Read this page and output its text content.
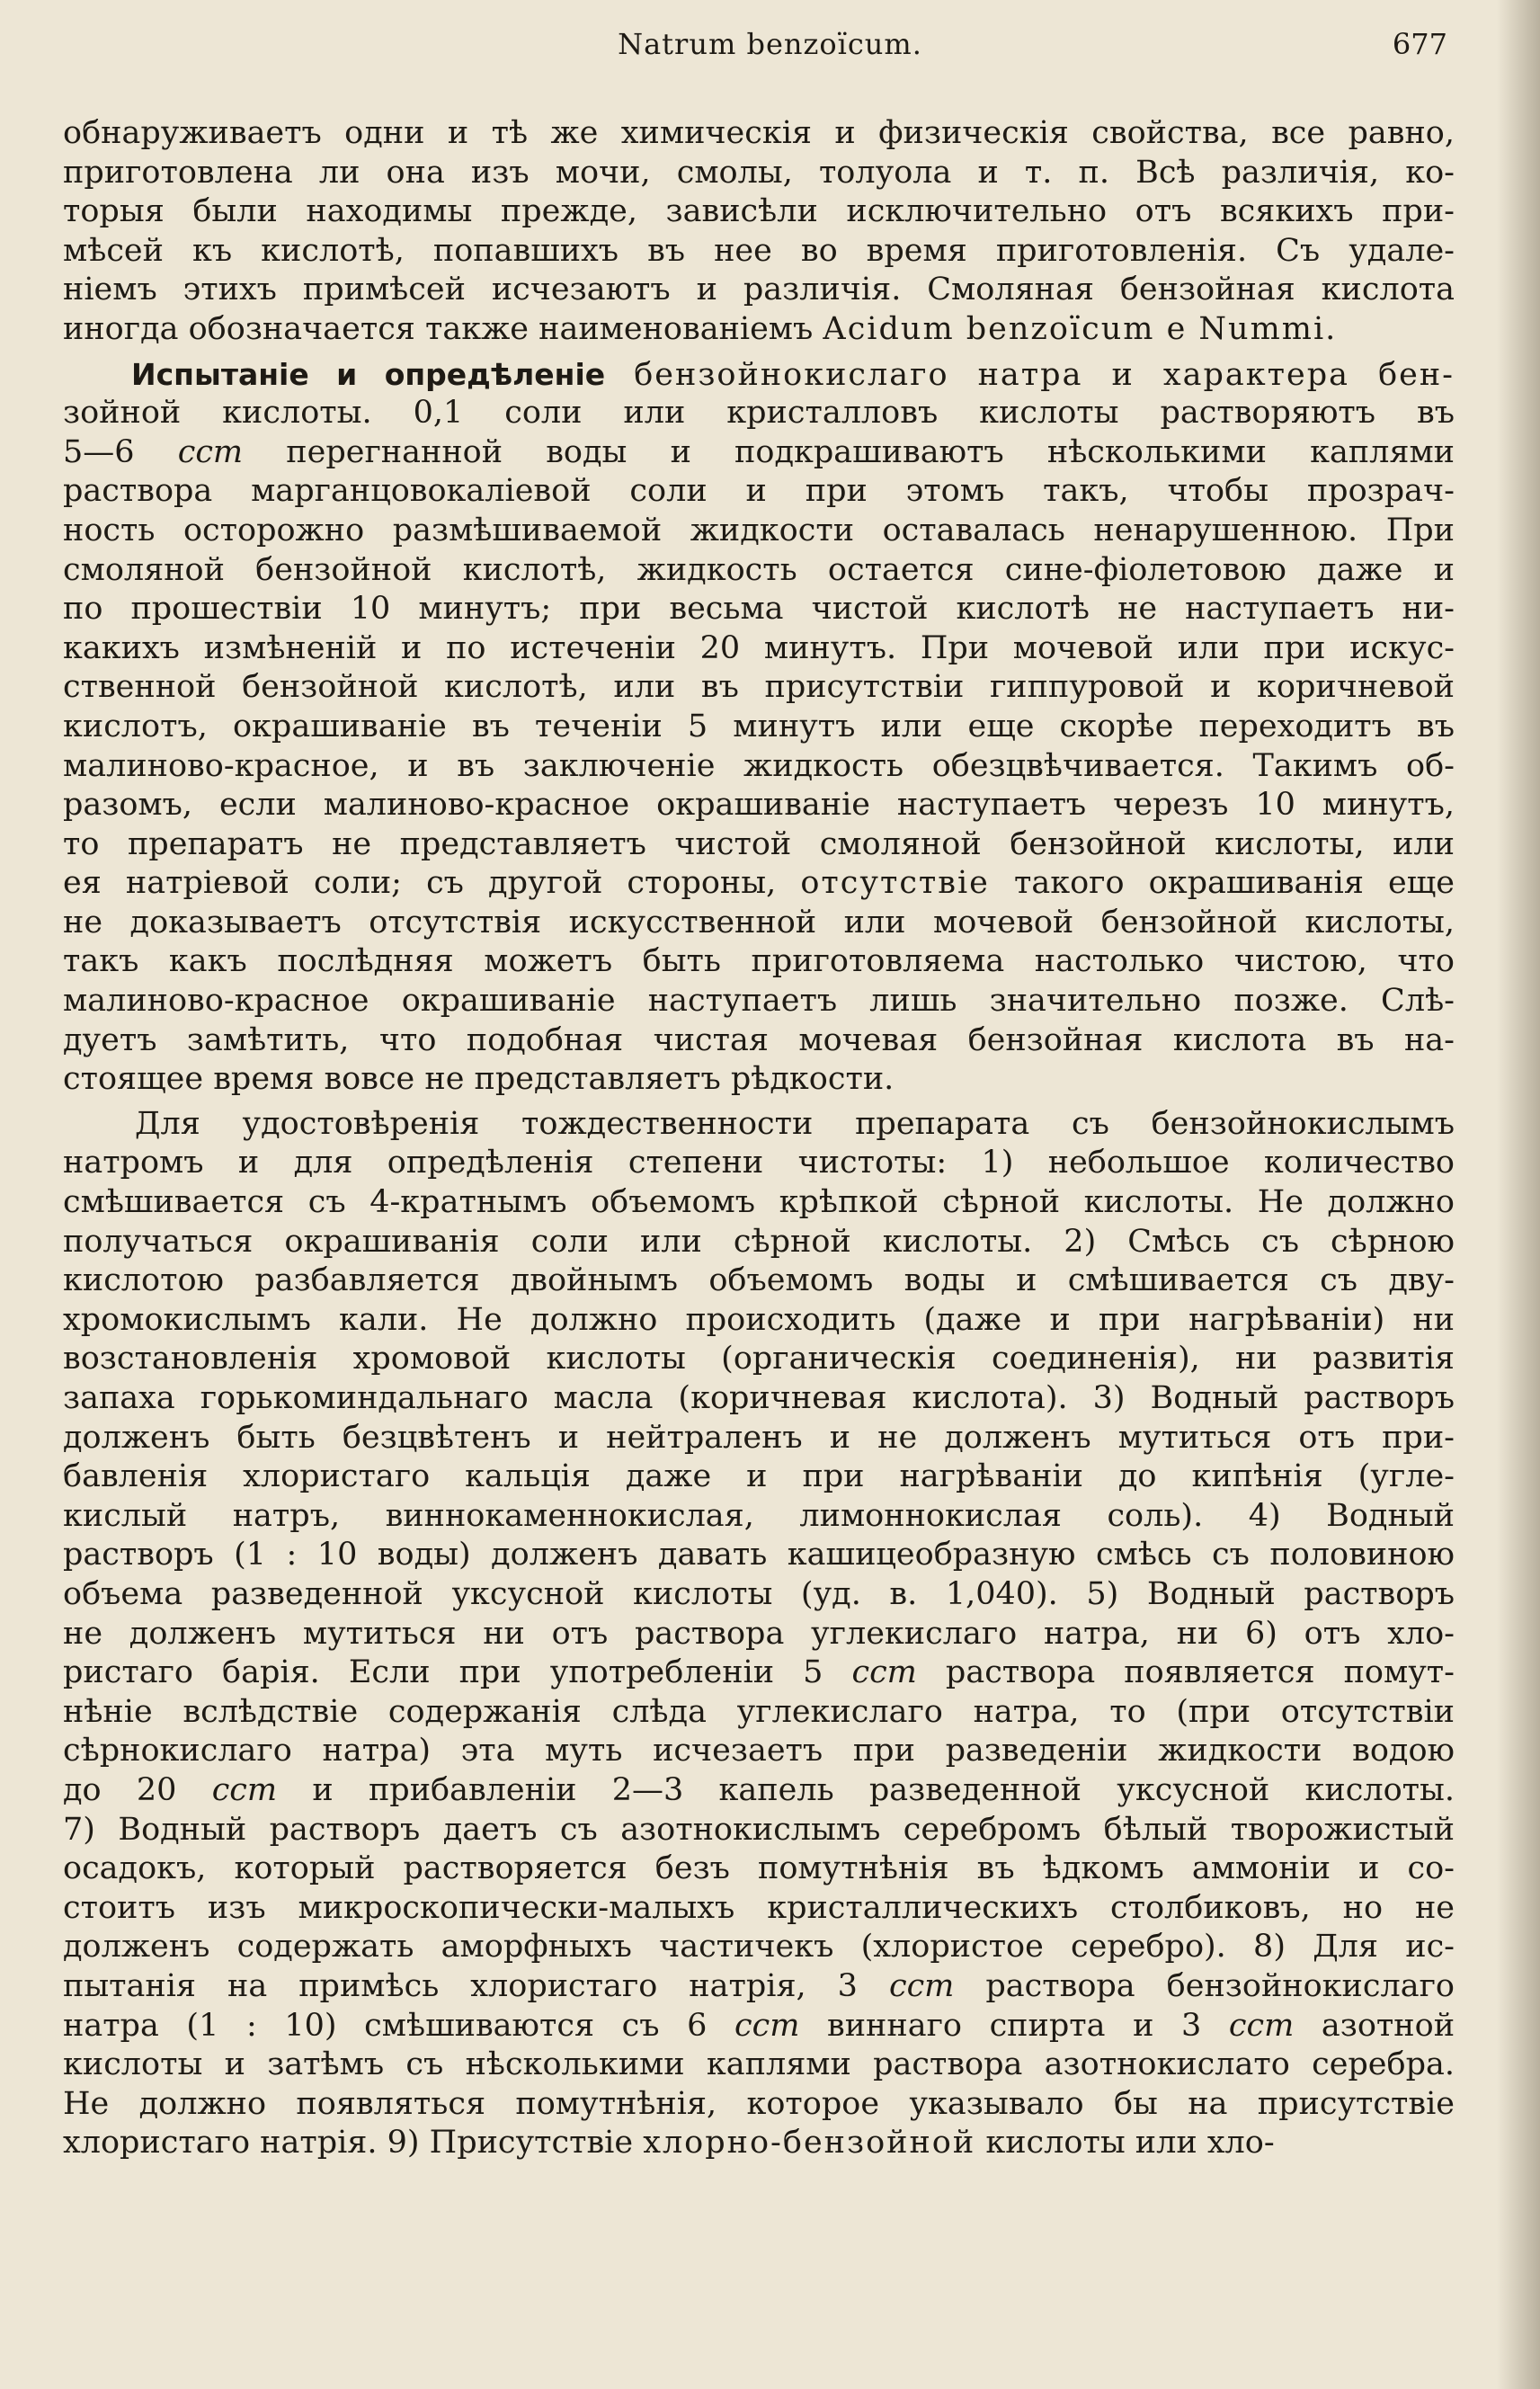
Natrum benzoïcum.	677
обнаруживаетъ одни и тѣ же химическія и физическія свойства, все равно,
приготовлена ли она изъ мочи, смолы, толуола и т. п. Всѣ различія, ко-
торыя были находимы прежде, зависѣли исключительно отъ всякихъ при-
мѣсей къ кислотѣ, попавшихъ въ нее во время приготовленія. Съ удале-
ніемъ этихъ примѣсей исчезаютъ и различія. Смоляная бензойная кислота
иногда обозначается также наименованіемъ Acidum benzoïcum e Nummi.
Испытаніе и опредѣленіе бензойнокислаго натра и характера бен-
зойной кислоты. 0,1 соли или кристалловъ кислоты растворяютъ въ
5—6 ccm перегнанной воды и подкрашиваютъ нѣсколькими каплями
раствора марганцовокаліевой соли и при этомъ такъ, чтобы прозрач-
ность осторожно размѣшиваемой жидкости оставалась ненарушенною. При
смоляной бензойной кислотѣ, жидкость остается сине-фіолетовою даже и
по прошествіи 10 минутъ; при весьма чистой кислотѣ не наступаетъ ни-
какихъ измѣненій и по истеченіи 20 минутъ. При мочевой или при искус-
ственной бензойной кислотѣ, или въ присутствіи гиппуровой и коричневой
кислотъ, окрашиваніе въ теченіи 5 минутъ или еще скорѣе переходитъ въ
малиново-красное, и въ заключеніе жидкость обезцвѣчивается. Такимъ об-
разомъ, если малиново-красное окрашиваніе наступаетъ черезъ 10 минутъ,
то препаратъ не представляетъ чистой смоляной бензойной кислоты, или
ея натріевой соли; съ другой стороны, отсутствіе такого окрашиванія еще
не доказываетъ отсутствія искусственной или мочевой бензойной кислоты,
такъ какъ послѣдняя можетъ быть приготовляема настолько чистою, что
малиново-красное окрашиваніе наступаетъ лишь значительно позже. Слѣ-
дуетъ замѣтить, что подобная чистая мочевая бензойная кислота въ на-
стоящее время вовсе не представляетъ рѣдкости.
Для удостовѣренія тождественности препарата съ бензойнокислымъ
натромъ и для опредѣленія степени чистоты: 1) небольшое количество
смѣшивается съ 4-кратнымъ объемомъ крѣпкой сѣрной кислоты. Не должно
получаться окрашиванія соли или сѣрной кислоты. 2) Смѣсь съ сѣрною
кислотою разбавляется двойнымъ объемомъ воды и смѣшивается съ дву-
хромокислымъ кали. Не должно происходить (даже и при нагрѣваніи) ни
возстановленія хромовой кислоты (органическія соединенія), ни развитія
запаха горькоминдальнаго масла (коричневая кислота). 3) Водный растворъ
долженъ быть безцвѣтенъ и нейтраленъ и не долженъ мутиться отъ при-
бавленія хлористаго кальція даже и при нагрѣваніи до кипѣнія (угле-
кислый натръ, виннокаменнокислая, лимоннокислая соль). 4) Водный
растворъ (1 : 10 воды) долженъ давать кашицеобразную смѣсь съ половиною
объема разведенной уксусной кислоты (уд. в. 1,040). 5) Водный растворъ
не долженъ мутиться ни отъ раствора углекислаго натра, ни 6) отъ хло-
ристаго барія. Если при употребленіи 5 ccm раствора появляется помут-
нѣніе вслѣдствіе содержанія слѣда углекислаго натра, то (при отсутствіи
сѣрнокислаго натра) эта муть исчезаетъ при разведеніи жидкости водою
до 20 ccm и прибавленіи 2—3 капель разведенной уксусной кислоты.
7) Водный растворъ даетъ съ азотнокислымъ серебромъ бѣлый творожистый
осадокъ, который растворяется безъ помутнѣнія въ ѣдкомъ аммоніи и со-
стоитъ изъ микроскопически-малыхъ кристаллическихъ столбиковъ, но не
долженъ содержать аморфныхъ частичекъ (хлористое серебро). 8) Для ис-
пытанія на примѣсь хлористаго натрія, 3 ccm раствора бензойнокислаго
натра (1 : 10) смѣшиваются съ 6 ccm виннаго спирта и 3 ccm азотной
кислоты и затѣмъ съ нѣсколькими каплями раствора азотнокислато серебра.
Не должно появляться помутнѣнія, которое указывало бы на присутствіе
хлористаго натрія. 9) Присутствіе хлорно-бензойной кислоты или хло-
